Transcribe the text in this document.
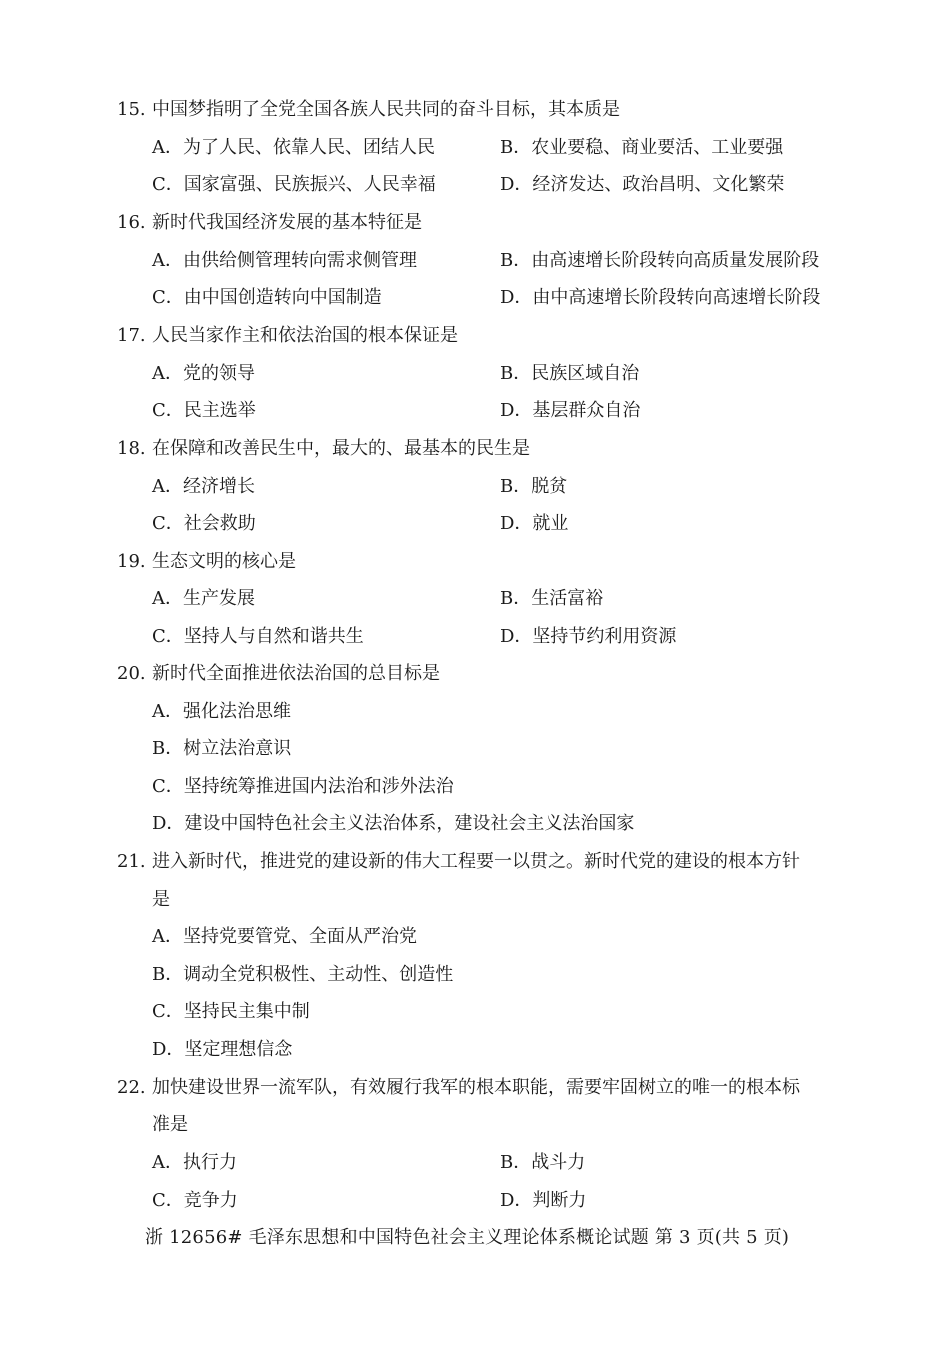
15. 中国梦指明了全党全国各族人民共同的奋斗目标，其本质是
A．为了人民、依靠人民、团结人民	B．农业要稳、商业要活、工业要强
C．国家富强、民族振兴、人民幸福	D．经济发达、政治昌明、文化繁荣
16. 新时代我国经济发展的基本特征是
A．由供给侧管理转向需求侧管理	B．由高速增长阶段转向高质量发展阶段
C．由中国创造转向中国制造	D．由中高速增长阶段转向高速增长阶段
17. 人民当家作主和依法治国的根本保证是
A．党的领导	B．民族区域自治
C．民主选举	D．基层群众自治
18. 在保障和改善民生中，最大的、最基本的民生是
A．经济增长	B．脱贫
C．社会救助	D．就业
19. 生态文明的核心是
A．生产发展	B．生活富裕
C．坚持人与自然和谐共生	D．坚持节约利用资源
20. 新时代全面推进依法治国的总目标是
A．强化法治思维
B．树立法治意识
C．坚持统筹推进国内法治和涉外法治
D．建设中国特色社会主义法治体系，建设社会主义法治国家
21. 进入新时代，推进党的建设新的伟大工程要一以贯之。新时代党的建设的根本方针
是
A．坚持党要管党、全面从严治党
B．调动全党积极性、主动性、创造性
C．坚持民主集中制
D．坚定理想信念
22. 加快建设世界一流军队，有效履行我军的根本职能，需要牢固树立的唯一的根本标
准是
A．执行力	B．战斗力
C．竞争力	D．判断力
浙 12656# 毛泽东思想和中国特色社会主义理论体系概论试题 第 3 页(共 5 页)
